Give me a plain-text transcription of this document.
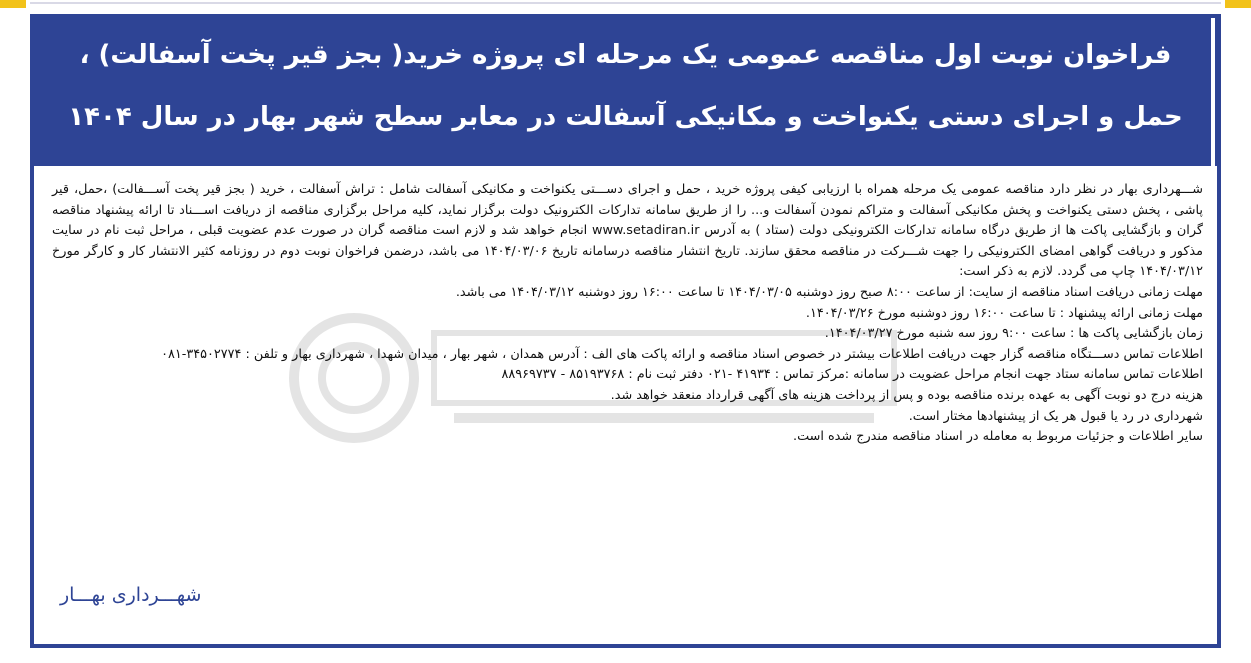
فراخوان نوبت اول مناقصه عمومی یک مرحله ای پروژه خرید( بجز قیر پخت آسفالت) ،
حمل و اجرای دستی یکنواخت و مکانیکی آسفالت در معابر سطح شهر بهار در سال ۱۴۰۴

شـــهرداری بهار در نظر دارد مناقصه عمومی یک مرحله همراه با ارزیابی کیفی پروژه خرید ، حمل و اجرای دســـتی یکنواخت و مکانیکی آسفالت شامل : تراش آسفالت ، خرید ( بجز قیر پخت آســـفالت) ،حمل، قیر پاشی ، پخش دستی یکنواخت و پخش مکانیکی آسفالت و متراکم نمودن آسفالت و... را از طریق سامانه تدارکات الکترونیک دولت برگزار نماید، کلیه مراحل برگزاری مناقصه از دریافت اســـناد تا ارائه پیشنهاد مناقصه گران و بازگشایی پاکت ها از طریق درگاه سامانه تدارکات الکترونیکی دولت (ستاد ) به آدرس www.setadiran.ir انجام خواهد شد و لازم است مناقصه گران در صورت عدم عضویت قبلی ، مراحل ثبت نام در سایت مذکور و دریافت گواهی امضای الکترونیکی را جهت شـــرکت در مناقصه محقق سازند. تاریخ انتشار مناقصه درسامانه تاریخ ۱۴۰۴/۰۳/۰۶ می باشد، درضمن فراخوان نوبت دوم در روزنامه کثیر الانتشار کار و کارگر مورخ ۱۴۰۴/۰۳/۱۲ چاپ می گردد. لازم به ذکر است:

مهلت زمانی دریافت اسناد مناقصه از سایت: از ساعت ۸:۰۰ صبح روز دوشنبه ۱۴۰۴/۰۳/۰۵ تا ساعت ۱۶:۰۰ روز دوشنبه ۱۴۰۴/۰۳/۱۲ می باشد.

مهلت زمانی ارائه پیشنهاد : تا ساعت ۱۶:۰۰ روز دوشنبه مورخ ۱۴۰۴/۰۳/۲۶.

زمان بازگشایی پاکت ها : ساعت ۹:۰۰ روز سه شنبه مورخ ۱۴۰۴/۰۳/۲۷.

اطلاعات تماس دســـتگاه مناقصه گزار جهت دریافت اطلاعات بیشتر در خصوص اسناد مناقصه و ارائه پاکت های الف : آدرس همدان ، شهر بهار ، میدان شهدا ، شهرداری بهار و تلفن : ۳۴۵۰۲۷۷۴-۰۸۱

اطلاعات تماس سامانه ستاد جهت انجام مراحل عضویت در سامانه :مرکز تماس : ۴۱۹۳۴ -۰۲۱ دفتر ثبت نام : ۸۵۱۹۳۷۶۸ - ۸۸۹۶۹۷۳۷

هزینه درج دو نوبت آگهی به عهده برنده مناقصه بوده و پس از پرداخت هزینه های آگهی قرارداد منعقد خواهد شد.

شهرداری در رد یا قبول هر یک از پیشنهادها مختار است.

سایر اطلاعات و جزئیات مربوط به معامله در اسناد مناقصه مندرج شده است.

شهـــرداری بهـــار
